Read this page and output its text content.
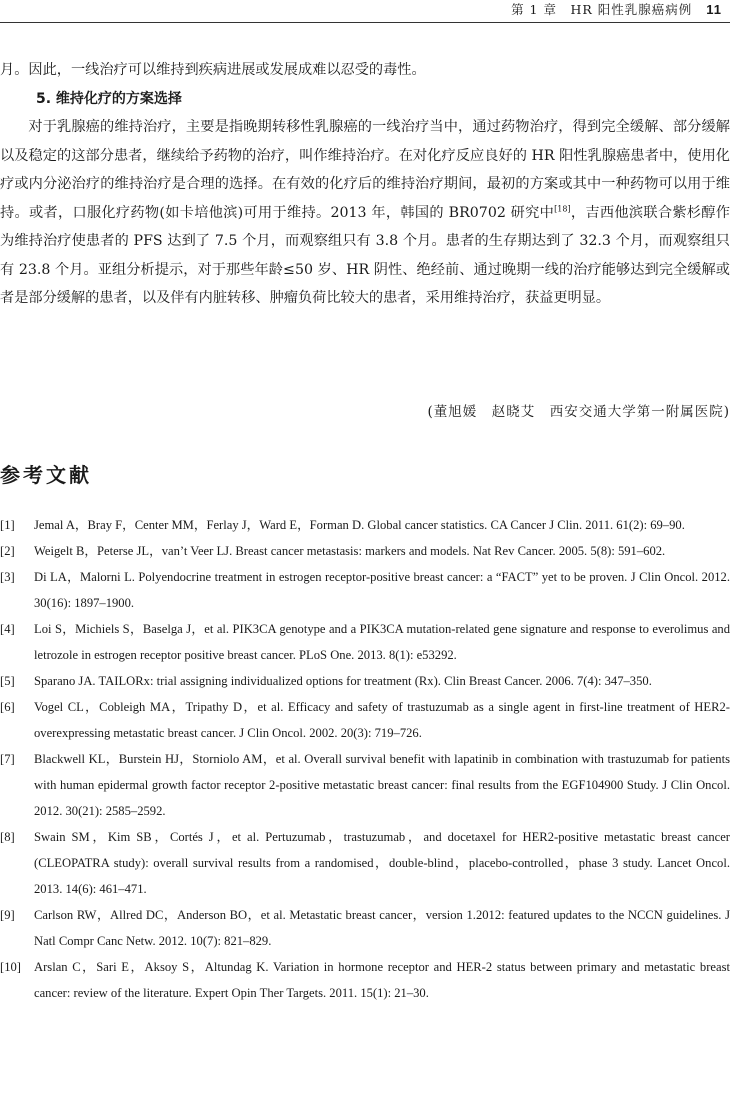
第 1 章　HR 阳性乳腺癌病例 11

月。因此，一线治疗可以维持到疾病进展或发展成难以忍受的毒性。

5. 维持化疗的方案选择

对于乳腺癌的维持治疗，主要是指晚期转移性乳腺癌的一线治疗当中，通过药物治疗，得到完全缓解、部分缓解以及稳定的这部分患者，继续给予药物的治疗，叫作维持治疗。在对化疗反应良好的 HR 阳性乳腺癌患者中，使用化疗或内分泌治疗的维持治疗是合理的选择。在有效的化疗后的维持治疗期间，最初的方案或其中一种药物可以用于维持。或者，口服化疗药物(如卡培他滨)可用于维持。2013 年，韩国的 BR0702 研究中[18]，吉西他滨联合紫杉醇作为维持治疗使患者的 PFS 达到了 7.5 个月，而观察组只有 3.8 个月。患者的生存期达到了 32.3 个月，而观察组只有 23.8 个月。亚组分析提示，对于那些年龄≤50 岁、HR 阴性、绝经前、通过晚期一线的治疗能够达到完全缓解或者是部分缓解的患者，以及伴有内脏转移、肿瘤负荷比较大的患者，采用维持治疗，获益更明显。

(董旭媛　赵晓艾　西安交通大学第一附属医院)
参考文献
[1]	Jemal A，Bray F，Center MM，Ferlay J，Ward E，Forman D. Global cancer statistics. CA Cancer J Clin. 2011. 61(2): 69–90.
[2]	Weigelt B，Peterse JL，van’t Veer LJ. Breast cancer metastasis: markers and models. Nat Rev Cancer. 2005. 5(8): 591–602.
[3]	Di LA，Malorni L. Polyendocrine treatment in estrogen receptor-positive breast cancer: a “FACT” yet to be proven. J Clin Oncol. 2012. 30(16): 1897–1900.
[4]	Loi S，Michiels S，Baselga J，et al. PIK3CA genotype and a PIK3CA mutation-related gene signature and response to everolimus and letrozole in estrogen receptor positive breast cancer. PLoS One. 2013. 8(1): e53292.
[5]	Sparano JA. TAILORx: trial assigning individualized options for treatment (Rx). Clin Breast Cancer. 2006. 7(4): 347–350.
[6]	Vogel CL，Cobleigh MA，Tripathy D，et al. Efficacy and safety of trastuzumab as a single agent in first-line treatment of HER2-overexpressing metastatic breast cancer. J Clin Oncol. 2002. 20(3): 719–726.
[7]	Blackwell KL，Burstein HJ，Storniolo AM，et al. Overall survival benefit with lapatinib in combination with trastuzumab for patients with human epidermal growth factor receptor 2-positive metastatic breast cancer: final results from the EGF104900 Study. J Clin Oncol. 2012. 30(21): 2585–2592.
[8]	Swain SM，Kim SB，Cortés J，et al. Pertuzumab，trastuzumab，and docetaxel for HER2-positive metastatic breast cancer (CLEOPATRA study): overall survival results from a randomised，double-blind，placebo-controlled，phase 3 study. Lancet Oncol. 2013. 14(6): 461–471.
[9]	Carlson RW，Allred DC，Anderson BO，et al. Metastatic breast cancer，version 1.2012: featured updates to the NCCN guidelines. J Natl Compr Canc Netw. 2012. 10(7): 821–829.
[10]	Arslan C，Sari E，Aksoy S，Altundag K. Variation in hormone receptor and HER-2 status between primary and metastatic breast cancer: review of the literature. Expert Opin Ther Targets. 2011. 15(1): 21–30.
